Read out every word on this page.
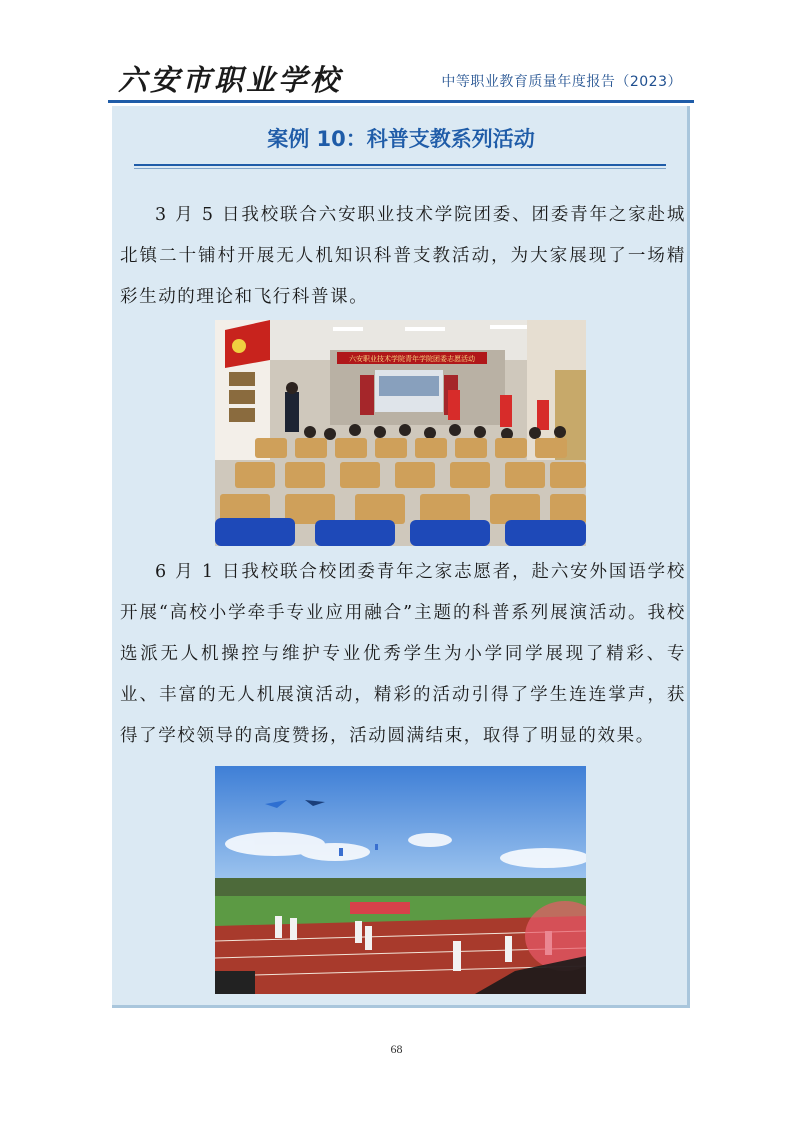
六安市职业学校	中等职业教育质量年度报告（2023）
案例 10：科普支教系列活动

3 月 5 日我校联合六安职业技术学院团委、团委青年之家赴城北镇二十铺村开展无人机知识科普支教活动，为大家展现了一场精彩生动的理论和飞行科普课。

六安职业技术学院青年学院团委志愿活动

6 月 1 日我校联合校团委青年之家志愿者，赴六安外国语学校开展“高校小学牵手专业应用融合”主题的科普系列展演活动。我校选派无人机操控与维护专业优秀学生为小学同学展现了精彩、专业、丰富的无人机展演活动，精彩的活动引得了学生连连掌声，获得了学校领导的高度赞扬，活动圆满结束，取得了明显的效果。

68
